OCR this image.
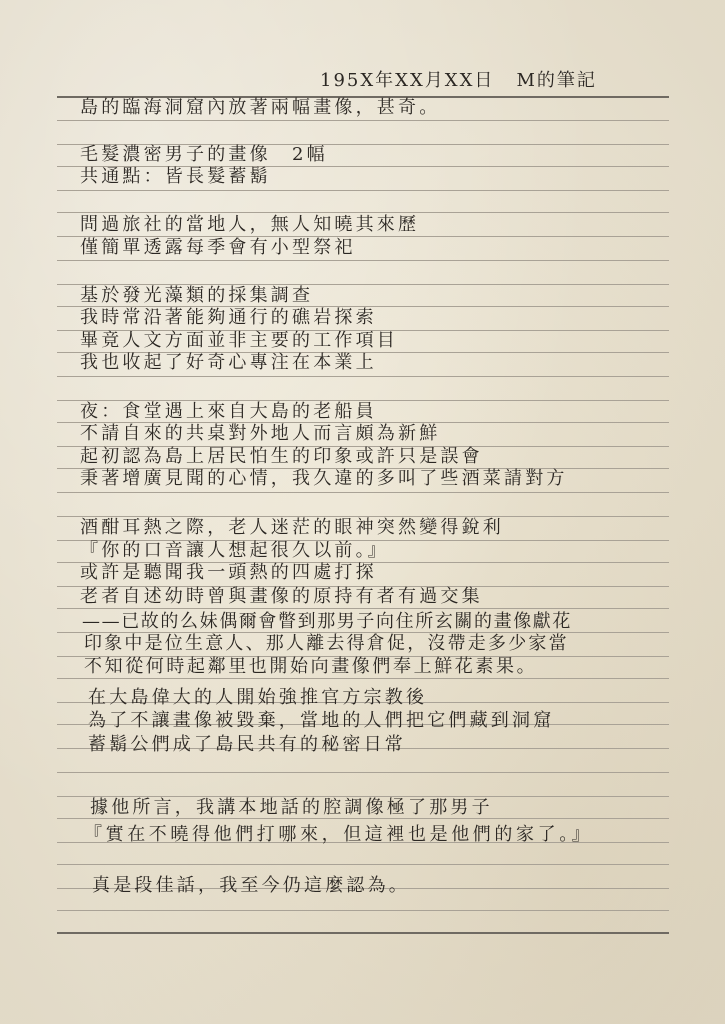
195X年XX月XX日 M的筆記
島的臨海洞窟內放著兩幅畫像，甚奇。
毛髮濃密男子的畫像　2幅
共通點：皆長髮蓄鬍
問過旅社的當地人，無人知曉其來歷
僅簡單透露每季會有小型祭祀
基於發光藻類的採集調查
我時常沿著能夠通行的礁岩探索
畢竟人文方面並非主要的工作項目
我也收起了好奇心專注在本業上
夜：食堂遇上來自大島的老船員
不請自來的共桌對外地人而言頗為新鮮
起初認為島上居民怕生的印象或許只是誤會
秉著增廣見聞的心情，我久違的多叫了些酒菜請對方
酒酣耳熱之際，老人迷茫的眼神突然變得銳利
『你的口音讓人想起很久以前。』
或許是聽聞我一頭熱的四處打探
老者自述幼時曾與畫像的原持有者有過交集
——已故的么妹偶爾會瞥到那男子向住所玄關的畫像獻花
印象中是位生意人、那人離去得倉促，沒帶走多少家當
不知從何時起鄰里也開始向畫像們奉上鮮花素果。
在大島偉大的人開始強推官方宗教後
為了不讓畫像被毀棄，當地的人們把它們藏到洞窟
蓄鬍公們成了島民共有的秘密日常
據他所言，我講本地話的腔調像極了那男子
『實在不曉得他們打哪來，但這裡也是他們的家了。』
真是段佳話，我至今仍這麼認為。
